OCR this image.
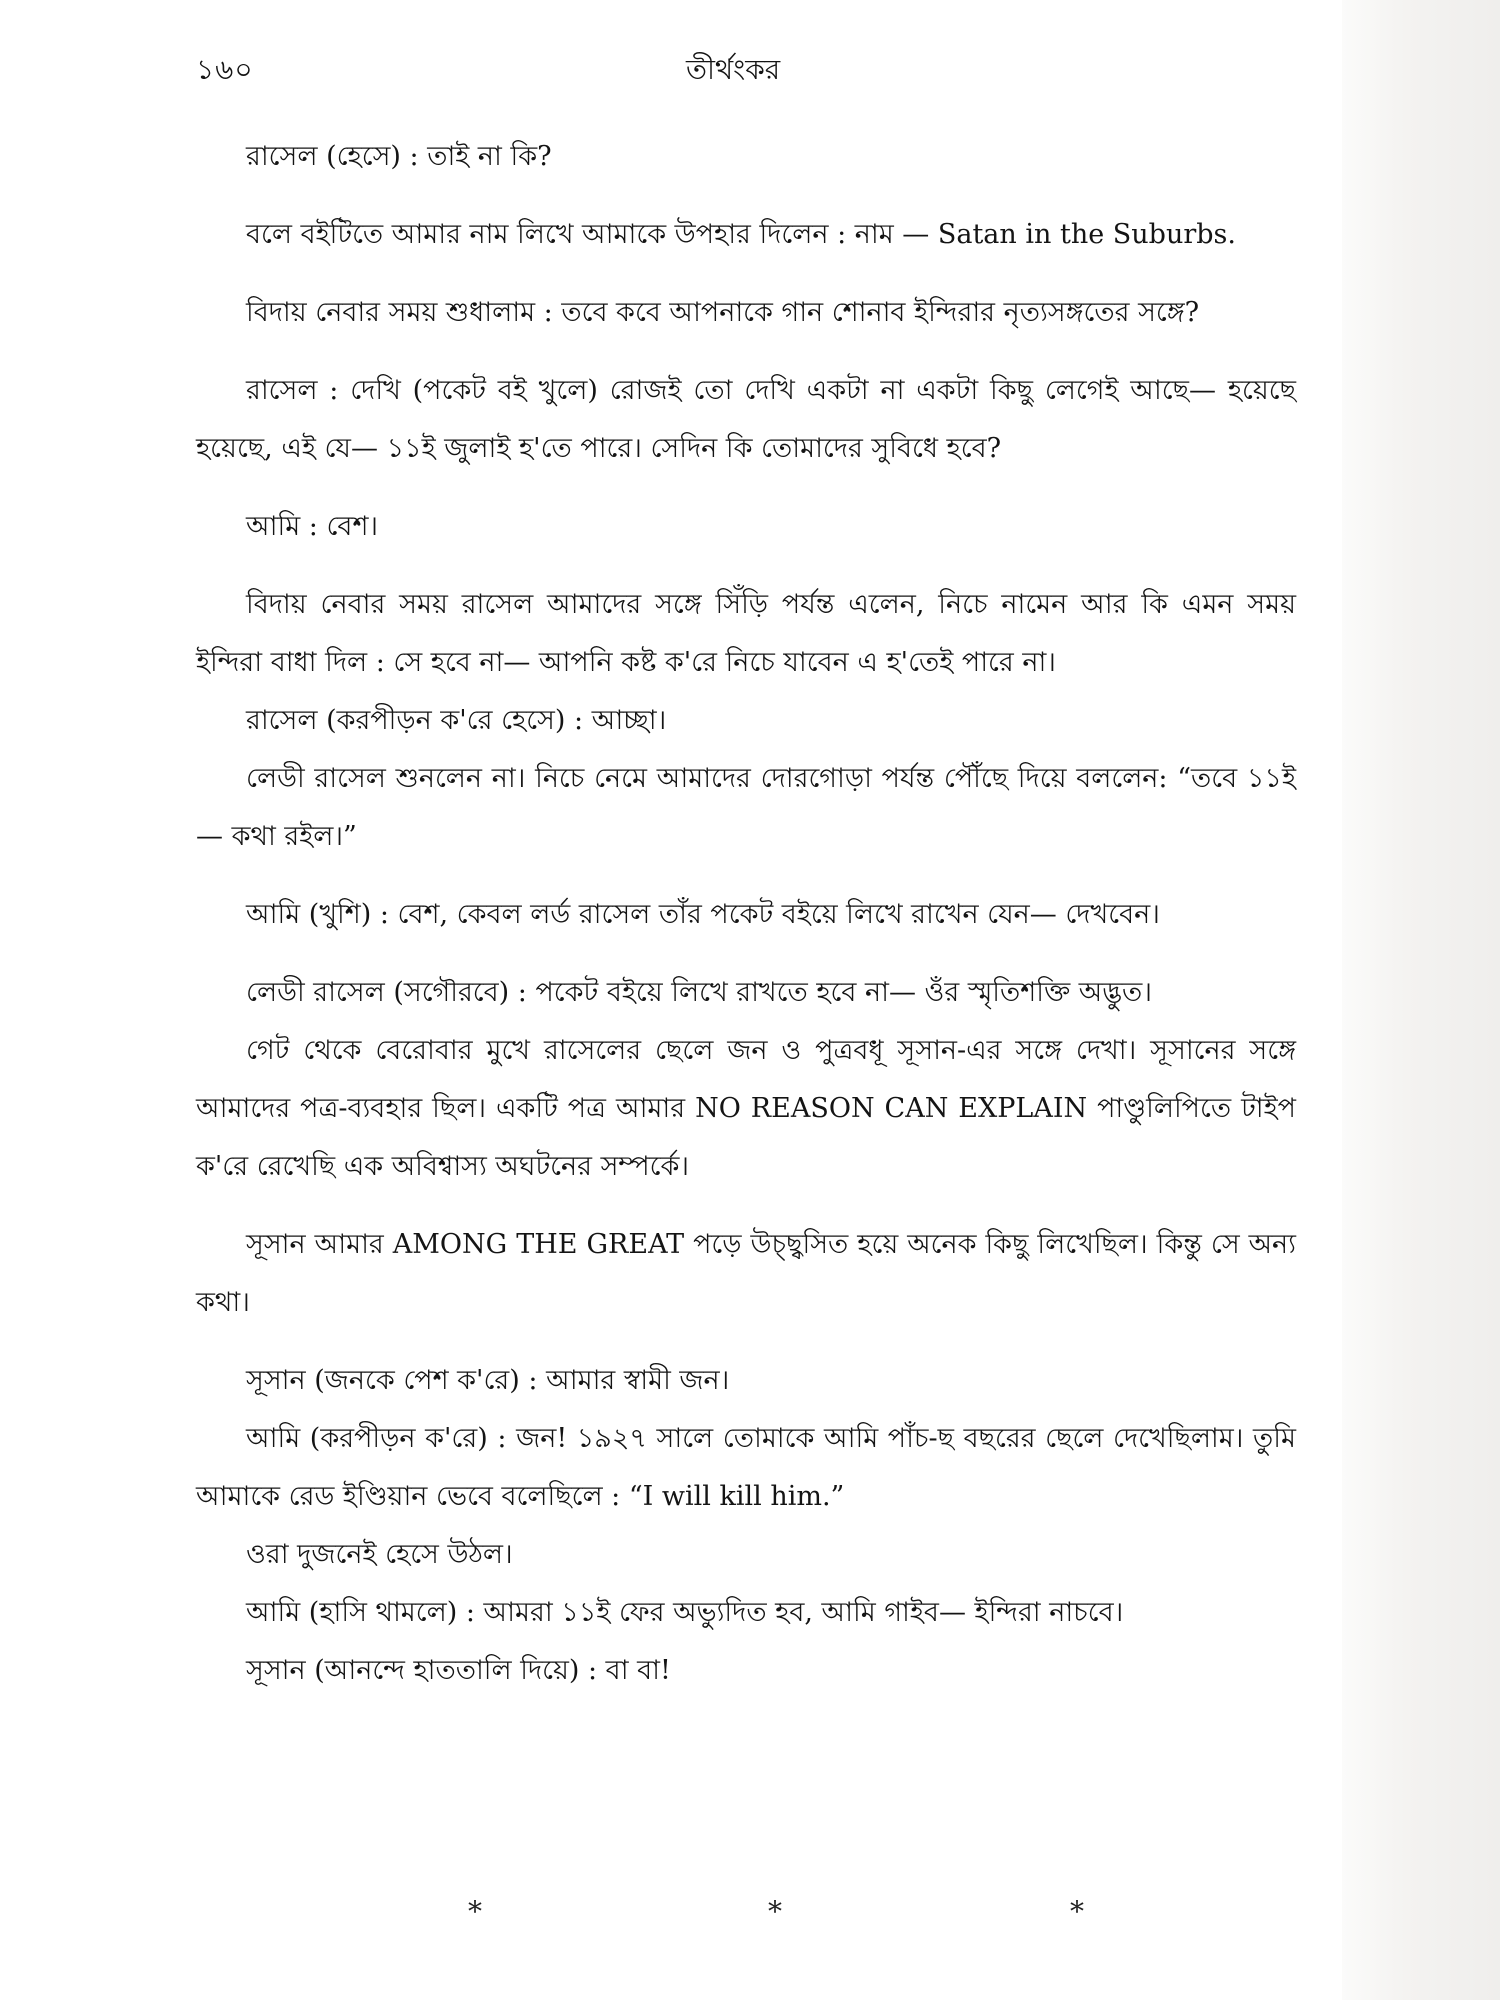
১৬০	তীর্থংকর

রাসেল (হেসে) : তাই না কি?

বলে বইটিতে আমার নাম লিখে আমাকে উপহার দিলেন : নাম — Satan in the Suburbs.

বিদায় নেবার সময় শুধালাম : তবে কবে আপনাকে গান শোনাব ইন্দিরার নৃত্যসঙ্গতের সঙ্গে?

রাসেল : দেখি (পকেট বই খুলে) রোজই তো দেখি একটা না একটা কিছু লেগেই আছে— হয়েছে হয়েছে, এই যে— ১১ই জুলাই হ'তে পারে। সেদিন কি তোমাদের সুবিধে হবে?

আমি : বেশ।

বিদায় নেবার সময় রাসেল আমাদের সঙ্গে সিঁড়ি পর্যন্ত এলেন, নিচে নামেন আর কি এমন সময় ইন্দিরা বাধা দিল : সে হবে না— আপনি কষ্ট ক'রে নিচে যাবেন এ হ'তেই পারে না।

রাসেল (করপীড়ন ক'রে হেসে) : আচ্ছা।

লেডী রাসেল শুনলেন না। নিচে নেমে আমাদের দোরগোড়া পর্যন্ত পৌঁছে দিয়ে বললেন: “তবে ১১ই— কথা রইল।”

আমি (খুশি) : বেশ, কেবল লর্ড রাসেল তাঁর পকেট বইয়ে লিখে রাখেন যেন— দেখবেন।

লেডী রাসেল (সগৌরবে) : পকেট বইয়ে লিখে রাখতে হবে না— ওঁর স্মৃতিশক্তি অদ্ভুত।

গেট থেকে বেরোবার মুখে রাসেলের ছেলে জন ও পুত্রবধূ সূসান-এর সঙ্গে দেখা। সূসানের সঙ্গে আমাদের পত্র-ব্যবহার ছিল। একটি পত্র আমার NO REASON CAN EXPLAIN পাণ্ডুলিপিতে টাইপ ক'রে রেখেছি এক অবিশ্বাস্য অঘটনের সম্পর্কে।

সূসান আমার AMONG THE GREAT পড়ে উচ্ছ্বসিত হয়ে অনেক কিছু লিখেছিল। কিন্তু সে অন্য কথা।

সূসান (জনকে পেশ ক'রে) : আমার স্বামী জন।

আমি (করপীড়ন ক'রে) : জন! ১৯২৭ সালে তোমাকে আমি পাঁচ-ছ বছরের ছেলে দেখেছিলাম। তুমি আমাকে রেড ইণ্ডিয়ান ভেবে বলেছিলে : “I will kill him.”

ওরা দুজনেই হেসে উঠল।

আমি (হাসি থামলে) : আমরা ১১ই ফের অভ্যুদিত হব, আমি গাইব— ইন্দিরা নাচবে।

সূসান (আনন্দে হাততালি দিয়ে) : বা বা!

*	*	*
